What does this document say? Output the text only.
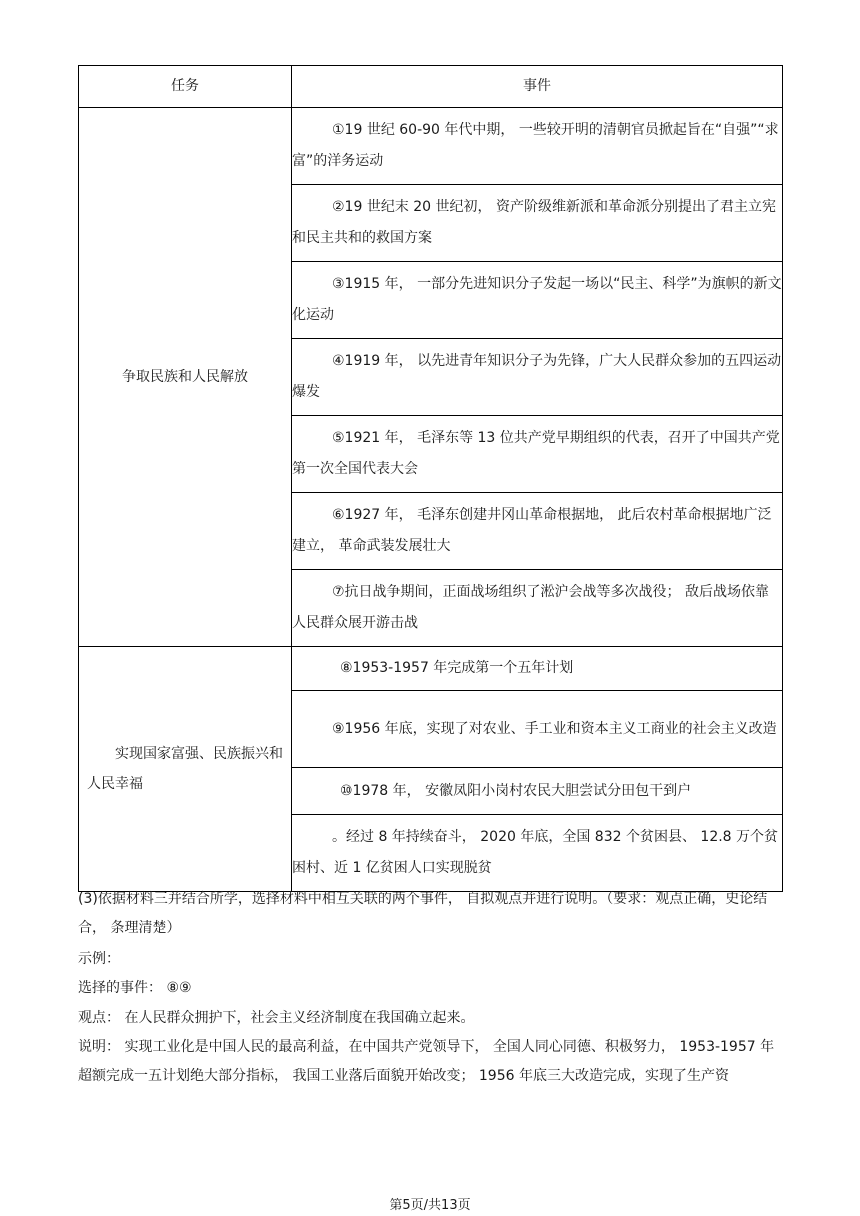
任务	事件
争取民族和人民解放	①19 世纪 60-90 年代中期， 一些较开明的清朝官员掀起旨在“自强”“求富”的洋务运动
	②19 世纪末 20 世纪初， 资产阶级维新派和革命派分别提出了君主立宪和民主共和的救国方案
	③1915 年， 一部分先进知识分子发起一场以“民主、科学”为旗帜的新文化运动
	④1919 年， 以先进青年知识分子为先锋，广大人民群众参加的五四运动爆发
	⑤1921 年， 毛泽东等 13 位共产党早期组织的代表，召开了中国共产党第一次全国代表大会
	⑥1927 年， 毛泽东创建井冈山革命根据地， 此后农村革命根据地广泛建立， 革命武装发展壮大
	⑦抗日战争期间，正面战场组织了淞沪会战等多次战役； 敌后战场依靠人民群众展开游击战
实现国家富强、民族振兴和人民幸福	⑧1953-1957 年完成第一个五年计划
	⑨1956 年底，实现了对农业、手工业和资本主义工商业的社会主义改造
	⑩1978 年， 安徽凤阳小岗村农民大胆尝试分田包干到户
	。经过 8 年持续奋斗， 2020 年底，全国 832 个贫困县、 12.8 万个贫困村、近 1 亿贫困人口实现脱贫
(3)依据材料三并结合所学，选择材料中相互关联的两个事件， 自拟观点并进行说明。（要求：观点正确，史论结合， 条理清楚）
示例：
选择的事件： ⑧⑨
观点： 在人民群众拥护下，社会主义经济制度在我国确立起来。
说明： 实现工业化是中国人民的最高利益，在中国共产党领导下， 全国人同心同德、积极努力， 1953-1957 年超额完成一五计划绝大部分指标， 我国工业落后面貌开始改变； 1956 年底三大改造完成，实现了生产资
第5页/共13页
